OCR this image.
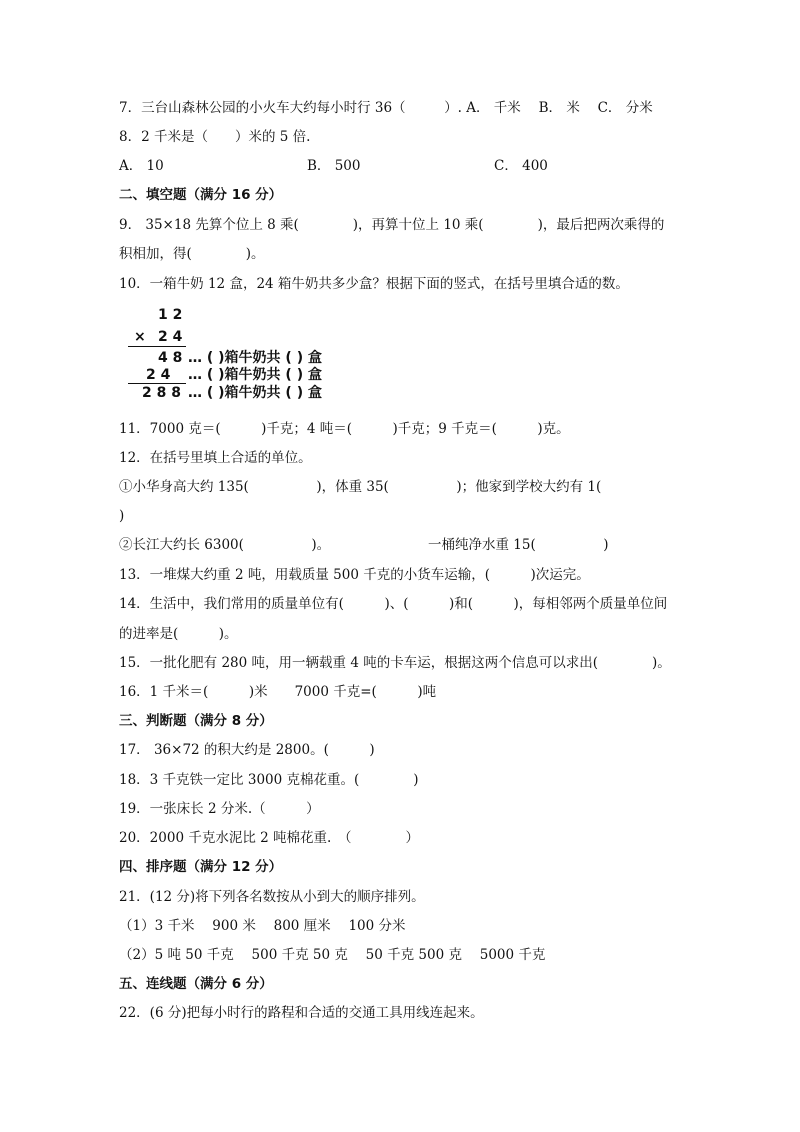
7．三台山森林公园的小火车大约每小时行 36（	）. A． 千米　 B． 米　 C． 分米
8．2 千米是（　　）米的 5 倍.
A． 10	B． 500	C． 400
二、填空题（满分 16 分）
9． 35×18 先算个位上 8 乘(　　　　)，再算十位上 10 乘(　　　　)，最后把两次乘得的
积相加，得(　　　　)。
10．一箱牛奶 12 盒，24 箱牛奶共多少盒？根据下面的竖式，在括号里填合适的数。
1 2
× 2 4
4 8 … ( )箱牛奶共 ( ) 盒
2 4 … ( )箱牛奶共 ( ) 盒
2 8 8 … ( )箱牛奶共 ( ) 盒
11．7000 克＝(　　　)千克；4 吨＝(　　　)千克；9 千克＝(　　　)克。
12．在括号里填上合适的单位。
①小华身高大约 135(　　　　　)，体重 35(　　　　　)；他家到学校大约有 1(
)
②长江大约长 6300(　　　　　)。	一桶纯净水重 15(　　　　　)
13．一堆煤大约重 2 吨，用载质量 500 千克的小货车运输，(　　　)次运完。
14．生活中，我们常用的质量单位有(　　　)、(　　　)和(　　　)，每相邻两个质量单位间
的进率是(　　　)。
15．一批化肥有 280 吨，用一辆载重 4 吨的卡车运，根据这两个信息可以求出(　　　　)。
16．1 千米＝(　　　)米　　7000 千克=(　　　)吨
三、判断题（满分 8 分）
17． 36×72 的积大约是 2800。(　　　)
18．3 千克铁一定比 3000 克棉花重。(　　　　)
19．一张床长 2 分米.（　　　）
20．2000 千克水泥比 2 吨棉花重.　（　　　　）
四、排序题（满分 12 分）
21．(12 分)将下列各名数按从小到大的顺序排列。
（1）3 千米　 900 米　 800 厘米　 100 分米
（2）5 吨 50 千克　 500 千克 50 克　 50 千克 500 克　 5000 千克
五、连线题（满分 6 分）
22．(6 分)把每小时行的路程和合适的交通工具用线连起来。
